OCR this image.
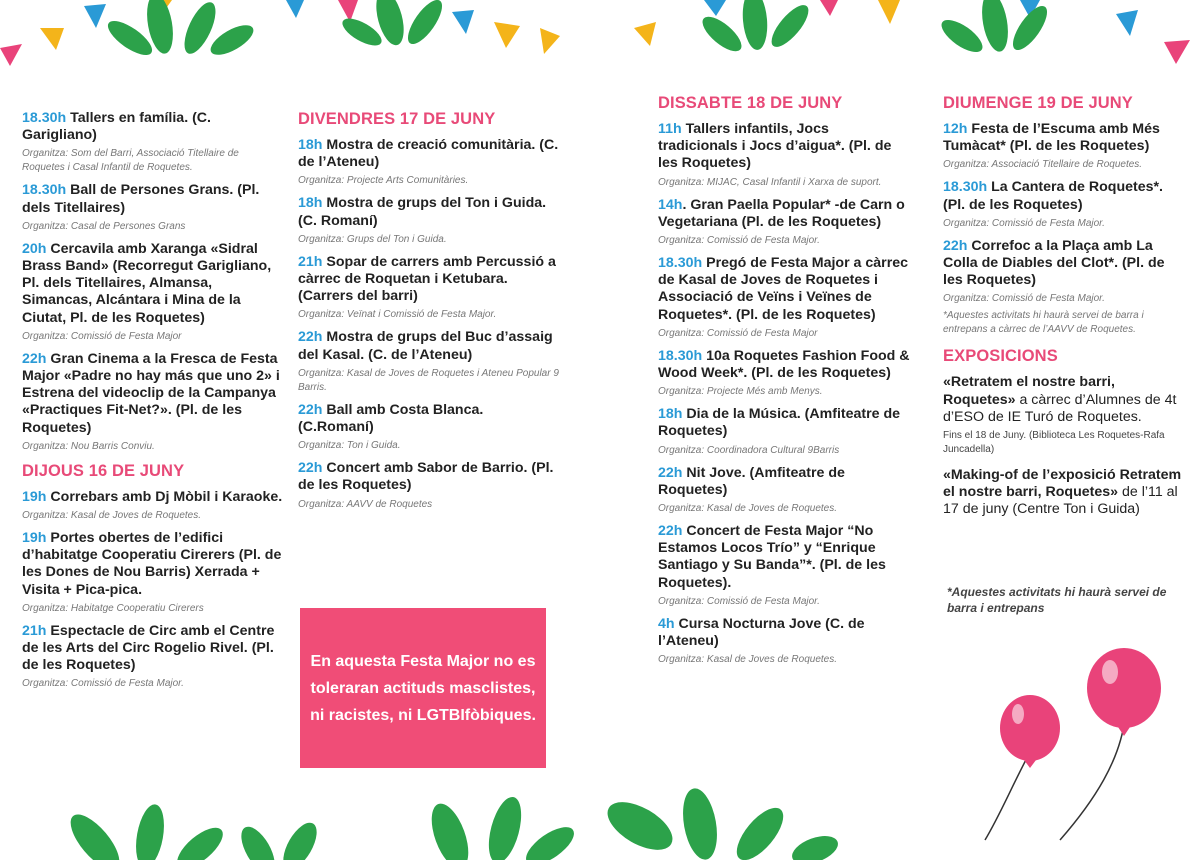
18.30h Tallers en família. (C. Garigliano)
Organitza: Som del Barri, Associació Titellaire de Roquetes i Casal Infantil de Roquetes.
18.30h Ball de Persones Grans. (Pl. dels Titellaires)
Organitza: Casal de Persones Grans
20h Cercavila amb Xaranga «Sidral Brass Band» (Recorregut Garigliano, Pl. dels Titellaires, Almansa, Simancas, Alcántara i Mina de la Ciutat, Pl. de les Roquetes)
Organitza: Comissió de Festa Major
22h Gran Cinema a la Fresca de Festa Major «Padre no hay más que uno 2» i Estrena del videoclip de la Campanya «Practiques Fit-Net?». (Pl. de les Roquetes)
Organitza: Nou Barris Conviu.
DIJOUS 16 DE JUNY
19h Correbars amb Dj Mòbil i Karaoke.
Organitza: Kasal de Joves de Roquetes.
19h Portes obertes de l’edifici d’habitatge Cooperatiu Cirerers (Pl. de les Dones de Nou Barris) Xerrada + Visita + Pica-pica.
Organitza: Habitatge Cooperatiu Cirerers
21h Espectacle de Circ amb el Centre de les Arts del Circ Rogelio Rivel. (Pl. de les Roquetes)
Organitza: Comissió de Festa Major.
DIVENDRES 17 DE JUNY
18h Mostra de creació comunitària. (C. de l’Ateneu)
Organitza: Projecte Arts Comunitàries.
18h Mostra de grups del Ton i Guida. (C. Romaní)
Organitza: Grups del Ton i Guida.
21h Sopar de carrers amb Percussió a càrrec de Roquetan i Ketubara. (Carrers del barri)
Organitza: Veïnat i Comissió de Festa Major.
22h Mostra de grups del Buc d’assaig del Kasal. (C. de l’Ateneu)
Organitza: Kasal de Joves de Roquetes i Ateneu Popular 9 Barris.
22h Ball amb Costa Blanca. (C.Romaní)
Organitza: Ton i Guida.
22h Concert amb Sabor de Barrio. (Pl. de les Roquetes)
Organitza: AAVV de Roquetes
En aquesta Festa Major no es toleraran actituds masclistes, ni racistes, ni LGTBIfòbiques.
DISSABTE 18 DE JUNY
11h Tallers infantils, Jocs tradicionals i Jocs d’aigua*. (Pl. de les Roquetes)
Organitza: MIJAC, Casal Infantil i Xarxa de suport.
14h. Gran Paella Popular* -de Carn o Vegetariana (Pl. de les Roquetes)
Organitza: Comissió de Festa Major.
18.30h Pregó de Festa Major a càrrec de Kasal de Joves de Roquetes i Associació de Veïns i Veïnes de Roquetes*. (Pl. de les Roquetes)
Organitza: Comissió de Festa Major
18.30h 10a Roquetes Fashion Food & Wood Week*. (Pl. de les Roquetes)
Organitza: Projecte Més amb Menys.
18h Dia de la Música. (Amfiteatre de Roquetes)
Organitza: Coordinadora Cultural 9Barris
22h Nit Jove. (Amfiteatre de Roquetes)
Organitza: Kasal de Joves de Roquetes.
22h Concert de Festa Major “No Estamos Locos Trío” y “Enrique Santiago y Su Banda”*. (Pl. de les Roquetes).
Organitza: Comissió de Festa Major.
4h Cursa Nocturna Jove (C. de l’Ateneu)
Organitza: Kasal de Joves de Roquetes.
DIUMENGE 19 DE JUNY
12h Festa de l’Escuma amb Més Tumàcat* (Pl. de les Roquetes)
Organitza: Associació Titellaire de Roquetes.
18.30h La Cantera de Roquetes*. (Pl. de les Roquetes)
Organitza: Comissió de Festa Major.
22h Correfoc a la Plaça amb La Colla de Diables del Clot*. (Pl. de les Roquetes)
Organitza: Comissió de Festa Major.
*Aquestes activitats hi haurà servei de barra i entrepans a càrrec de l’AAVV de Roquetes.
EXPOSICIONS
«Retratem el nostre barri, Roquetes» a càrrec d’Alumnes de 4t d’ESO de IE Turó de Roquetes.
Fins el 18 de Juny. (Biblioteca Les Roquetes-Rafa Juncadella)
«Making-of de l’exposició Retratem el nostre barri, Roquetes» de l’11 al 17 de juny (Centre Ton i Guida)
*Aquestes activitats hi haurà servei de barra i entrepans
